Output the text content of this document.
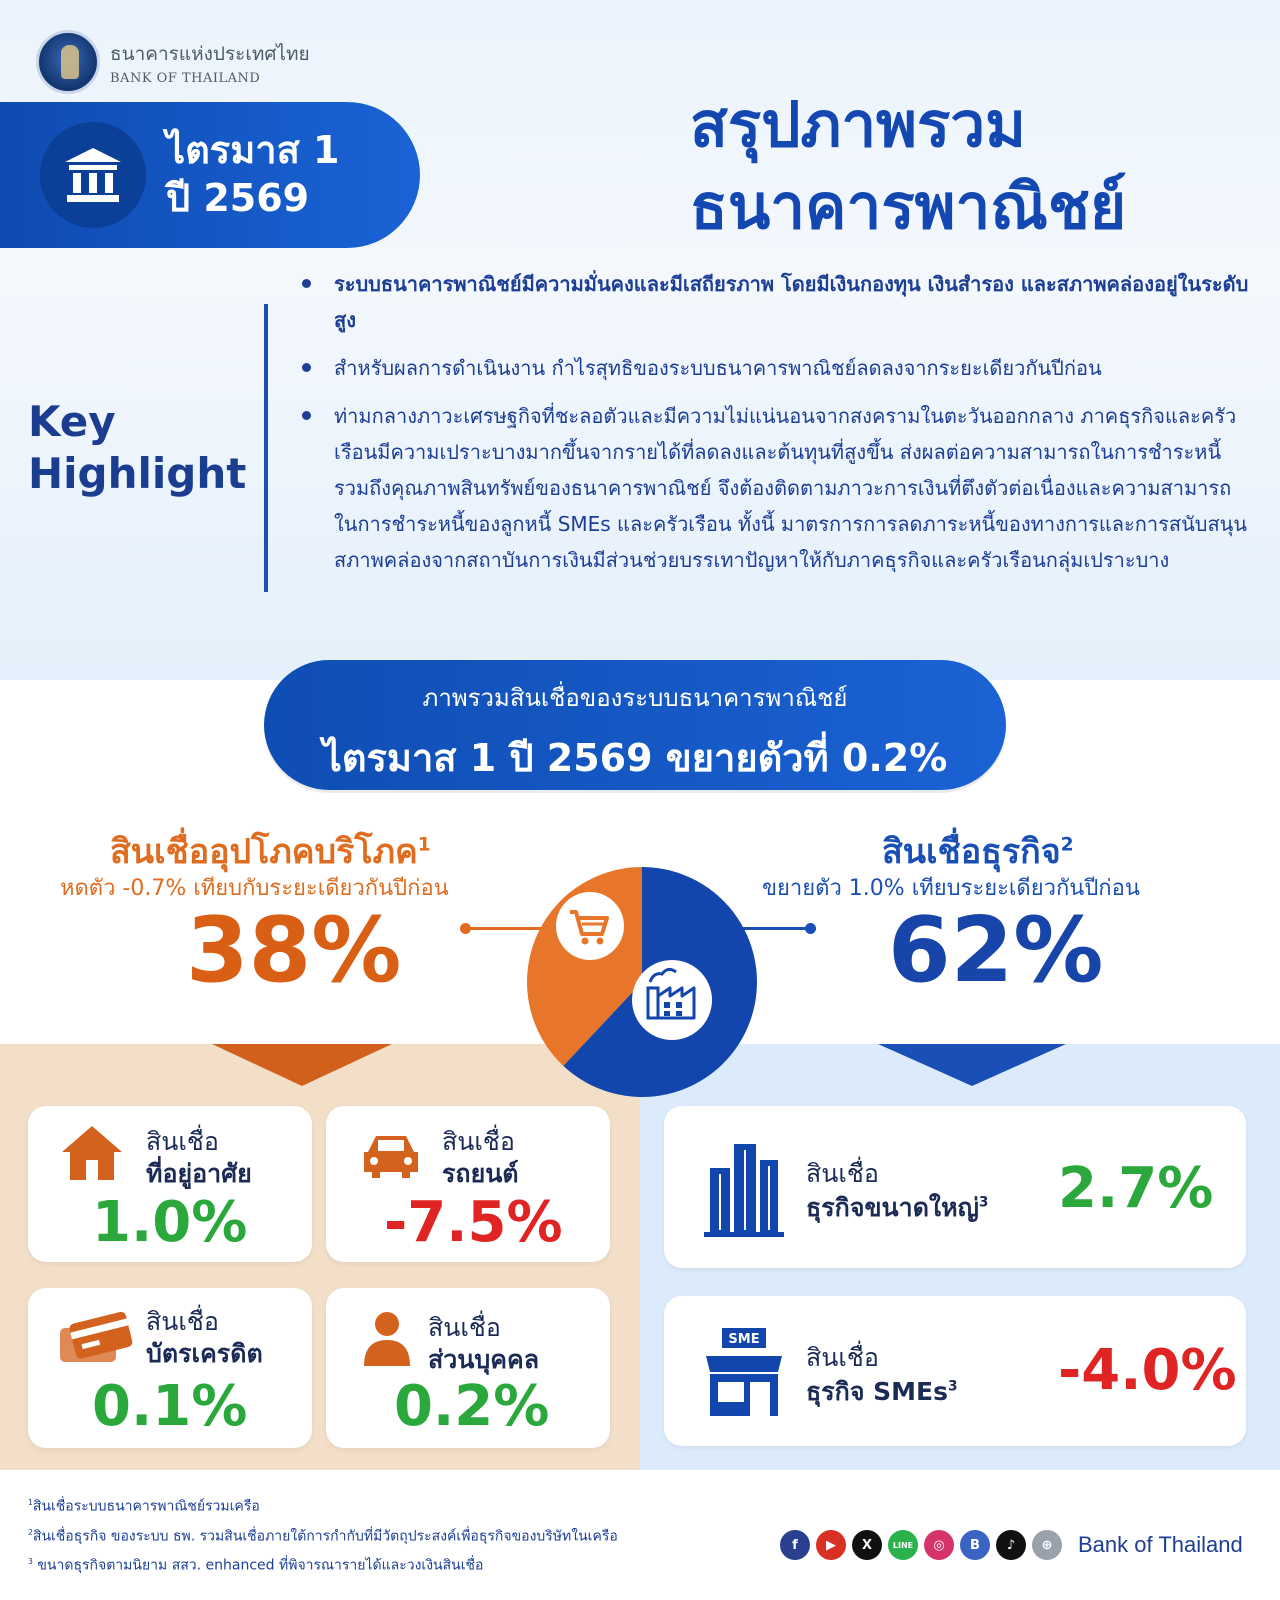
ธนาคารแห่งประเทศไทย
BANK OF THAILAND
ไตรมาส 1
ปี 2569
สรุปภาพรวม
ธนาคารพาณิชย์
Key
Highlight
ระบบธนาคารพาณิชย์มีความมั่นคงและมีเสถียรภาพ โดยมีเงินกองทุน เงินสำรอง และสภาพคล่องอยู่ในระดับสูง
สำหรับผลการดำเนินงาน กำไรสุทธิของระบบธนาคารพาณิชย์ลดลงจากระยะเดียวกันปีก่อน
ท่ามกลางภาวะเศรษฐกิจที่ชะลอตัวและมีความไม่แน่นอนจากสงครามในตะวันออกกลาง ภาคธุรกิจและครัวเรือนมีความเปราะบางมากขึ้นจากรายได้ที่ลดลงและต้นทุนที่สูงขึ้น ส่งผลต่อความสามารถในการชำระหนี้ รวมถึงคุณภาพสินทรัพย์ของธนาคารพาณิชย์ จึงต้องติดตามภาวะการเงินที่ตึงตัวต่อเนื่องและความสามารถในการชำระหนี้ของลูกหนี้ SMEs และครัวเรือน ทั้งนี้ มาตรการการลดภาระหนี้ของทางการและการสนับสนุนสภาพคล่องจากสถาบันการเงินมีส่วนช่วยบรรเทาปัญหาให้กับภาคธุรกิจและครัวเรือนกลุ่มเปราะบาง
ภาพรวมสินเชื่อของระบบธนาคารพาณิชย์
ไตรมาส 1 ปี 2569 ขยายตัวที่ 0.2%
สินเชื่ออุปโภคบริโภค$^1$
หดตัว -0.7% เทียบกับระยะเดียวกันปีก่อน
38%
สินเชื่อธุรกิจ$^2$
ขยายตัว 1.0% เทียบระยะเดียวกันปีก่อน
62%
สินเชื่อ
ที่อยู่อาศัย
1.0%
สินเชื่อ
รถยนต์
-7.5%
สินเชื่อ
บัตรเครดิต
0.1%
สินเชื่อ
ส่วนบุคคล
0.2%
สินเชื่อ
ธุรกิจขนาดใหญ่$^3$ 2.7%
SME
สินเชื่อ
ธุรกิจ SMEs$^3$ -4.0%
$^1$สินเชื่อระบบธนาคารพาณิชย์รวมเครือ
$^2$สินเชื่อธุรกิจ ของระบบ ธพ. รวมสินเชื่อภายใต้การกำกับที่มีวัตถุประสงค์เพื่อธุรกิจของบริษัทในเครือ
$^3$ ขนาดธุรกิจตามนิยาม สสว. enhanced ที่พิจารณารายได้และวงเงินสินเชื่อ
f	▶	X	LINE	◎	B	♪	⊕	Bank of Thailand
